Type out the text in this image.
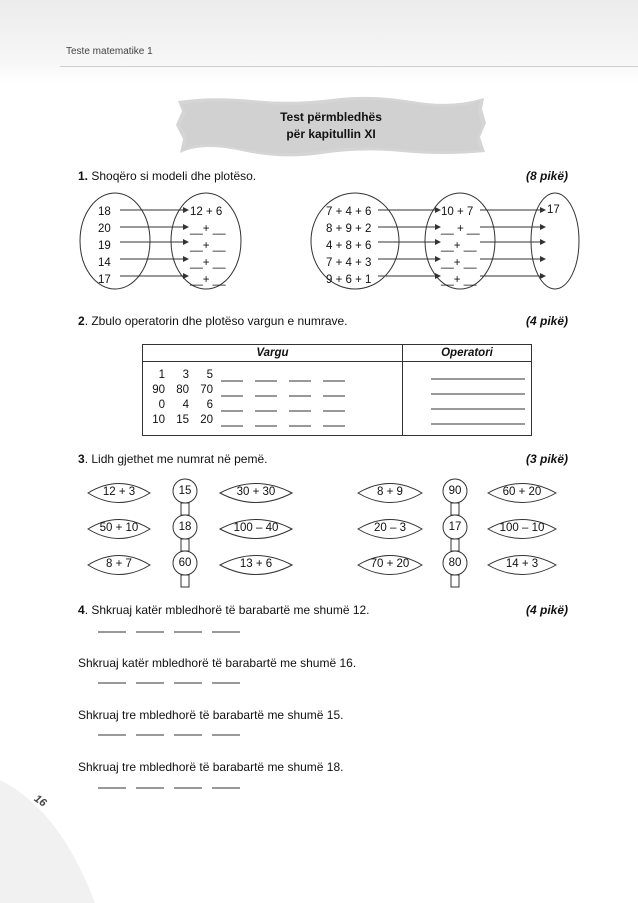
Teste matematike 1
Test përmbledhës
për kapitullin XI
1. Shoqëro si modeli dhe plotëso.	(8 pikë)
18
20
19
14
17
12 + 6
__+ __
__+ __
__+ __
__+ __
7 + 4 + 6
8 + 9 + 2
4 + 8 + 6
7 + 4 + 3
9 + 6 + 1
10 + 7
__ + __
__+ __
__+ __
__+ __
17
2. Zbulo operatorin dhe plotëso vargun e numrave.	(4 pikë)
Vargu	Operatori

1 3 5
90 80 70
0 4 6
10 15 20

3. Lidh gjethet me numrat në pemë.	(3 pikë)
12 + 3	30 + 30
50 + 10	100 – 40
8 + 7	13 + 6
15
18
60
8 + 9	60 + 20
20 – 3	100 – 10
70 + 20	14 + 3
90
17
80
4. Shkruaj katër mbledhorë të barabartë me shumë 12.	(4 pikë)
Shkruaj katër mbledhorë të barabartë me shumë 16.
Shkruaj tre mbledhorë të barabartë me shumë 15.
Shkruaj tre mbledhorë të barabartë me shumë 18.
16
